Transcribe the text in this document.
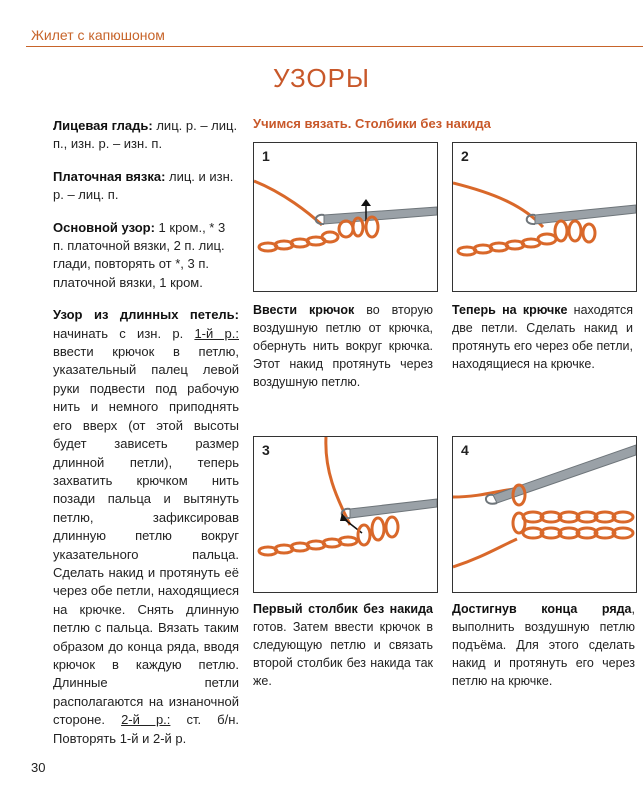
Жилет с капюшоном
УЗОРЫ

Лицевая гладь: лиц. р. – лиц. п., изн. р. – изн. п.

Платочная вязка: лиц. и изн. р. – лиц. п.

Основной узор: 1 кром., * 3 п. платочной вязки, 2 п. лиц. глади, повторять от *, 3 п. платочной вязки, 1 кром.

Узор из длинных петель: начинать с изн. р. 1-й р.: ввести крючок в петлю, указательный палец левой руки подвести под рабочую нить и немного приподнять его вверх (от этой высоты будет зависеть размер длинной петли), теперь захватить крючком нить позади пальца и вытянуть петлю, зафиксировав длинную петлю вокруг указательного пальца. Сделать накид и протянуть её через обе петли, находящиеся на крючке. Снять длинную петлю с пальца. Вязать таким образом до конца ряда, вводя крючок в каждую петлю. Длинные петли располагаются на изнаночной стороне. 2-й р.: ст. б/н. Повторять 1-й и 2-й р.

Учимся вязать. Столбики без накида
1
Ввести крючок во вторую воздушную петлю от крючка, обернуть нить вокруг крючка. Этот накид протянуть через воздушную петлю.
2
Теперь на крючке находятся две петли. Сделать накид и протянуть его через обе петли, находящиеся на крючке.
3
Первый столбик без накида готов. Затем ввести крючок в следующую петлю и связать второй столбик без накида так же.
4
Достигнув конца ряда, выполнить воздушную петлю подъёма. Для этого сделать накид и протянуть его через петлю на крючке.
30
